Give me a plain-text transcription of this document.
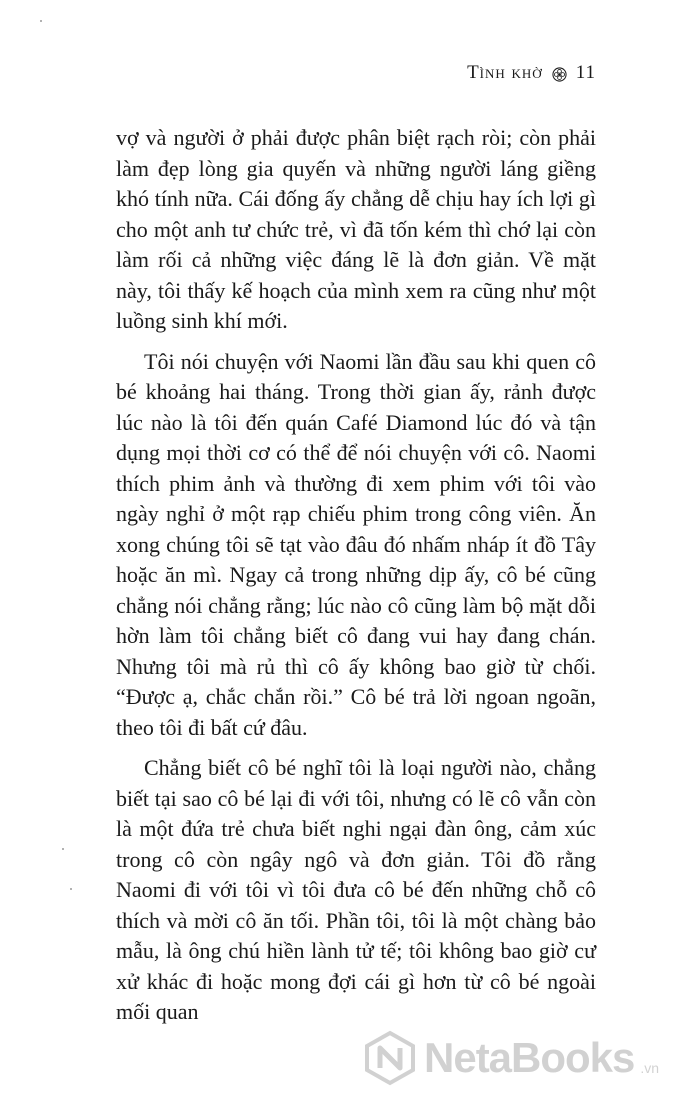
Tình khờ 11

vợ và người ở phải được phân biệt rạch ròi; còn phải làm đẹp lòng gia quyến và những người láng giềng khó tính nữa. Cái đống ấy chẳng dễ chịu hay ích lợi gì cho một anh tư chức trẻ, vì đã tốn kém thì chớ lại còn làm rối cả những việc đáng lẽ là đơn giản. Về mặt này, tôi thấy kế hoạch của mình xem ra cũng như một luồng sinh khí mới.

Tôi nói chuyện với Naomi lần đầu sau khi quen cô bé khoảng hai tháng. Trong thời gian ấy, rảnh được lúc nào là tôi đến quán Café Diamond lúc đó và tận dụng mọi thời cơ có thể để nói chuyện với cô. Naomi thích phim ảnh và thường đi xem phim với tôi vào ngày nghỉ ở một rạp chiếu phim trong công viên. Ăn xong chúng tôi sẽ tạt vào đâu đó nhấm nháp ít đồ Tây hoặc ăn mì. Ngay cả trong những dịp ấy, cô bé cũng chẳng nói chẳng rằng; lúc nào cô cũng làm bộ mặt dỗi hờn làm tôi chẳng biết cô đang vui hay đang chán. Nhưng tôi mà rủ thì cô ấy không bao giờ từ chối. “Được ạ, chắc chắn rồi.” Cô bé trả lời ngoan ngoãn, theo tôi đi bất cứ đâu.

Chẳng biết cô bé nghĩ tôi là loại người nào, chẳng biết tại sao cô bé lại đi với tôi, nhưng có lẽ cô vẫn còn là một đứa trẻ chưa biết nghi ngại đàn ông, cảm xúc trong cô còn ngây ngô và đơn giản. Tôi đồ rằng Naomi đi với tôi vì tôi đưa cô bé đến những chỗ cô thích và mời cô ăn tối. Phần tôi, tôi là một chàng bảo mẫu, là ông chú hiền lành tử tế; tôi không bao giờ cư xử khác đi hoặc mong đợi cái gì hơn từ cô bé ngoài mối quan

NetaBooks .vn
